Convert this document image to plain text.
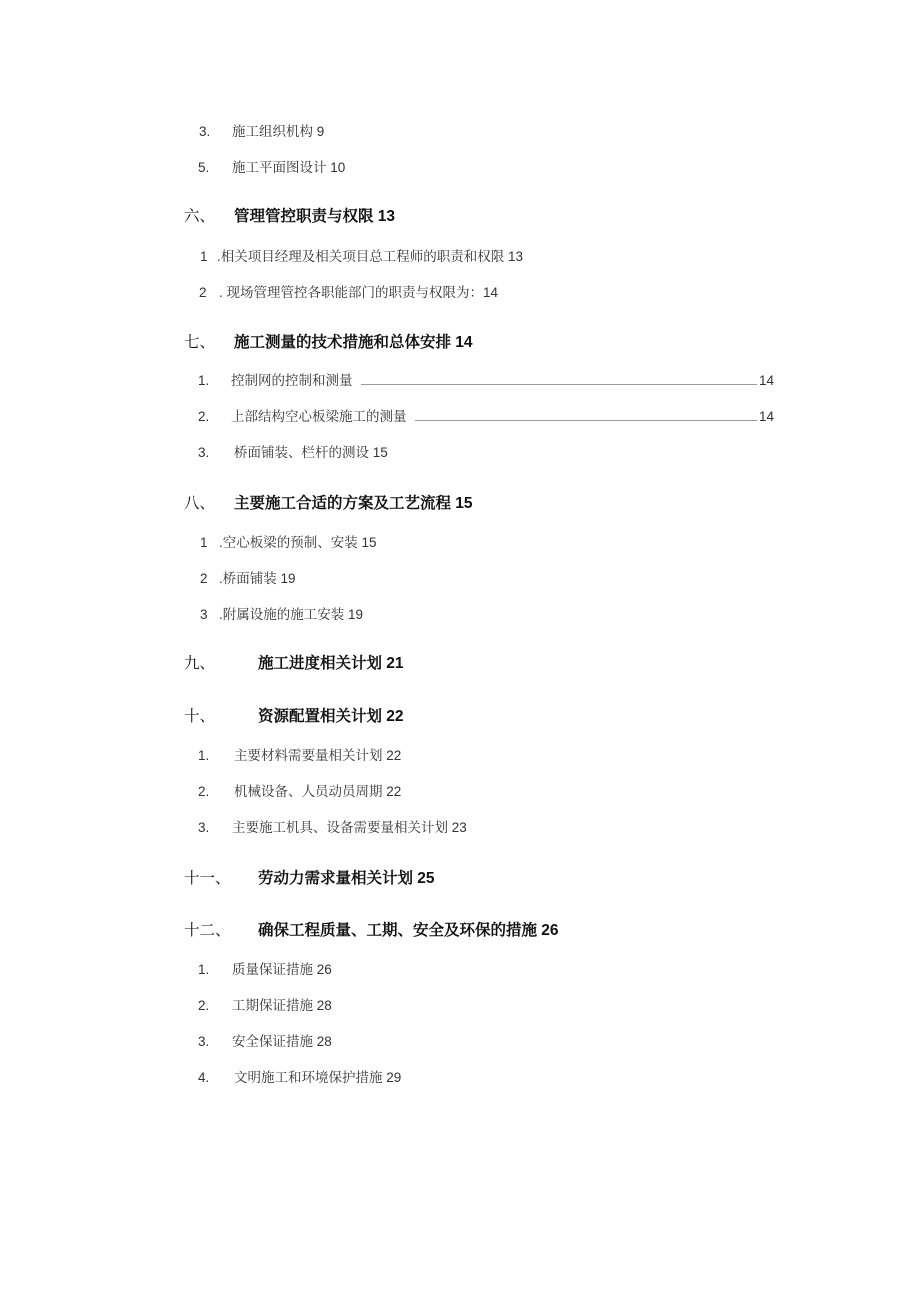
3. 施工组织机构 9
5. 施工平面图设计 10
六、 管理管控职责与权限 13
1 .相关项目经理及相关项目总工程师的职责和权限 13
2 . 现场管理管控各职能部门的职责与权限为：14
七、 施工测量的技术措施和总体安排 14
1. 控制网的控制和测量	14
2. 上部结构空心板梁施工的测量	14
3. 桥面铺装、栏杆的测设 15
八、 主要施工合适的方案及工艺流程 15
1 .空心板梁的预制、安装 15
2 .桥面铺装 19
3 .附属设施的施工安装 19
九、	施工进度相关计划 21
十、	资源配置相关计划 22
1. 主要材料需要量相关计划 22
2. 机械设备、人员动员周期 22
3. 主要施工机具、设备需要量相关计划 23
十一、 劳动力需求量相关计划 25
十二、 确保工程质量、工期、安全及环保的措施 26
1. 质量保证措施 26
2. 工期保证措施 28
3. 安全保证措施 28
4. 文明施工和环境保护措施 29
